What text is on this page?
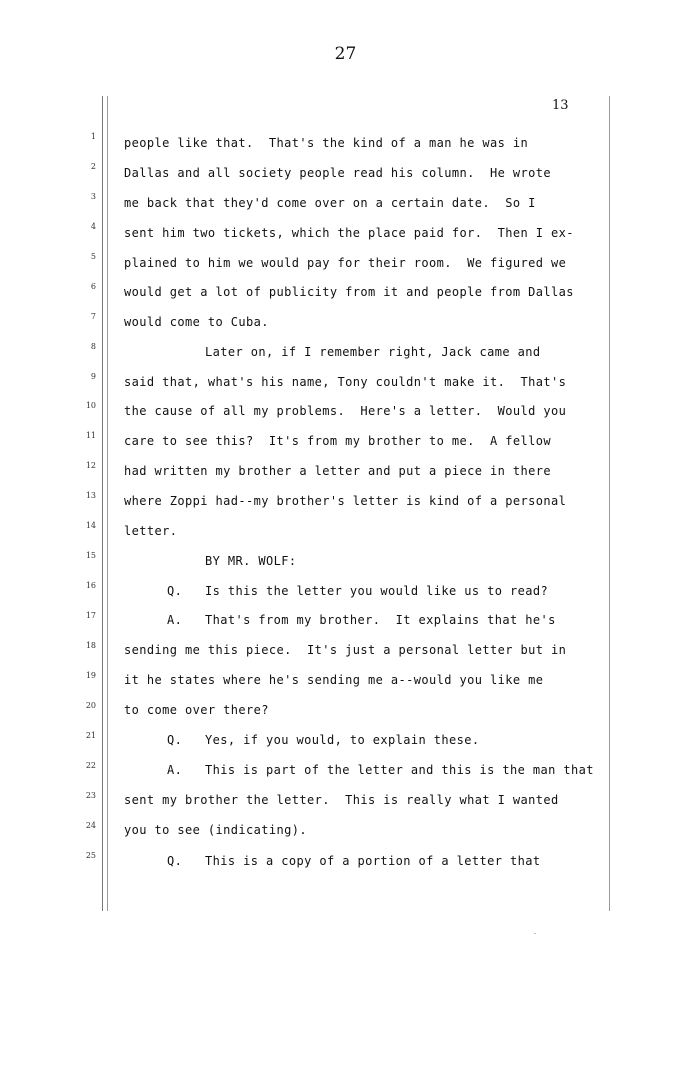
27
13
1
2
3
4
5
6
7
8
9
10
11
12
13
14
15
16
17
18
19
20
21
22
23
24
25
people like that.  That's the kind of a man he was in
Dallas and all society people read his column.  He wrote
me back that they'd come over on a certain date.  So I
sent him two tickets, which the place paid for.  Then I ex-
plained to him we would pay for their room.  We figured we
would get a lot of publicity from it and people from Dallas
would come to Cuba.
Later on, if I remember right, Jack came and
said that, what's his name, Tony couldn't make it.  That's
the cause of all my problems.  Here's a letter.  Would you
care to see this?  It's from my brother to me.  A fellow
had written my brother a letter and put a piece in there
where Zoppi had--my brother's letter is kind of a personal
letter.
BY MR. WOLF:
Q. Is this the letter you would like us to read?
A. That's from my brother.  It explains that he's
sending me this piece.  It's just a personal letter but in
it he states where he's sending me a--would you like me
to come over there?
Q. Yes, if you would, to explain these.
A. This is part of the letter and this is the man that
sent my brother the letter.  This is really what I wanted
you to see (indicating).
Q. This is a copy of a portion of a letter that
